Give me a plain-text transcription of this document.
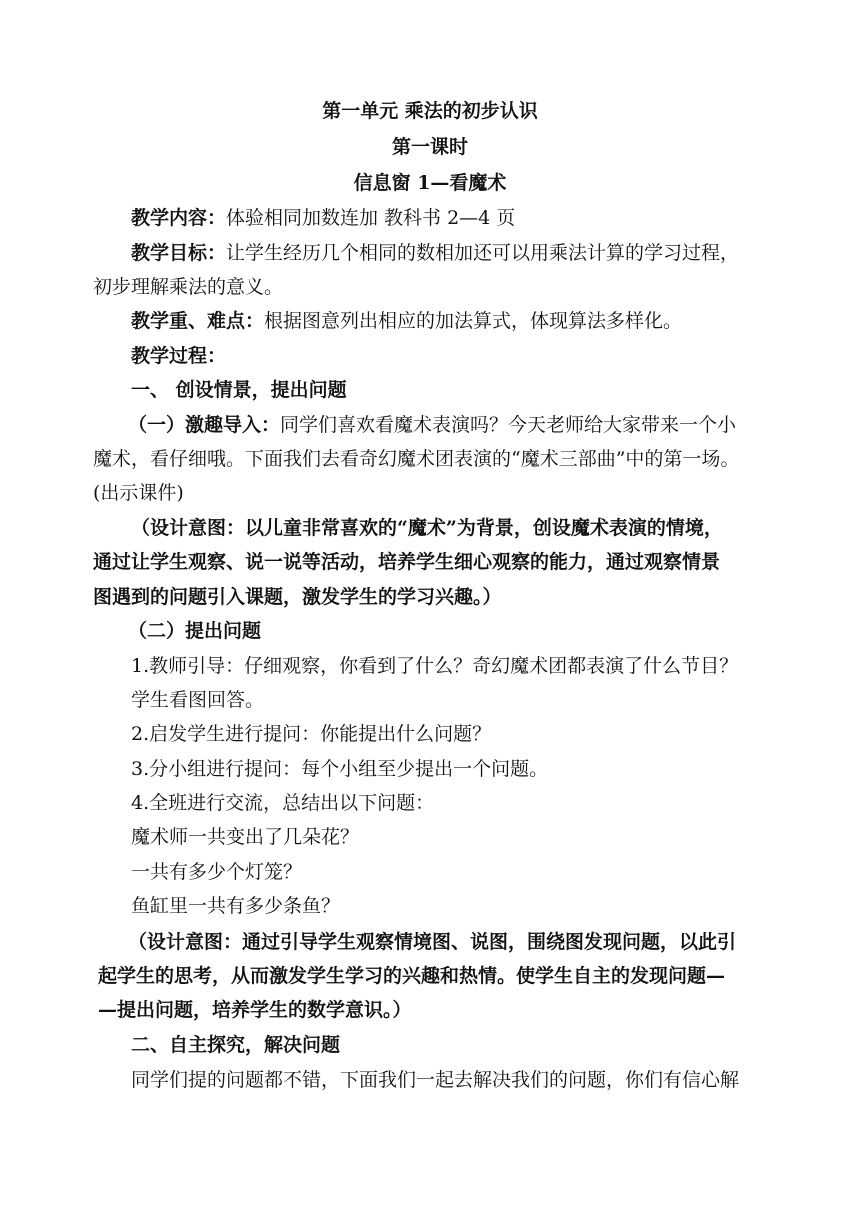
第一单元 乘法的初步认识
第一课时
信息窗 1—看魔术
教学内容：体验相同加数连加 教科书 2—4 页
教学目标：让学生经历几个相同的数相加还可以用乘法计算的学习过程，
初步理解乘法的意义。
教学重、难点：根据图意列出相应的加法算式，体现算法多样化。
教学过程：
一、 创设情景，提出问题
（一）激趣导入：同学们喜欢看魔术表演吗？今天老师给大家带来一个小
魔术，看仔细哦。下面我们去看奇幻魔术团表演的“魔术三部曲”中的第一场。
(出示课件)
（设计意图：以儿童非常喜欢的“魔术”为背景，创设魔术表演的情境，
通过让学生观察、说一说等活动，培养学生细心观察的能力，通过观察情景
图遇到的问题引入课题，激发学生的学习兴趣。）
（二）提出问题
1.教师引导：仔细观察，你看到了什么？奇幻魔术团都表演了什么节目？
学生看图回答。
2.启发学生进行提问：你能提出什么问题？
3.分小组进行提问：每个小组至少提出一个问题。
4.全班进行交流，总结出以下问题：
魔术师一共变出了几朵花？
一共有多少个灯笼？
鱼缸里一共有多少条鱼？
（设计意图：通过引导学生观察情境图、说图，围绕图发现问题，以此引
起学生的思考，从而激发学生学习的兴趣和热情。使学生自主的发现问题—
—提出问题，培养学生的数学意识。）
二、自主探究，解决问题
同学们提的问题都不错，下面我们一起去解决我们的问题，你们有信心解
